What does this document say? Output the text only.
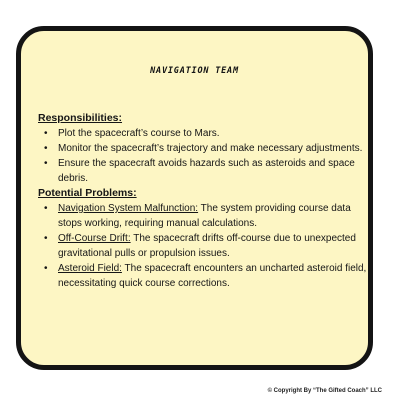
NAVIGATION TEAM

Responsibilities:

• Plot the spacecraft’s course to Mars.
• Monitor the spacecraft’s trajectory and make necessary adjustments.
• Ensure the spacecraft avoids hazards such as asteroids and space debris.

Potential Problems:

• Navigation System Malfunction: The system providing course data stops working, requiring manual calculations.
• Off-Course Drift: The spacecraft drifts off-course due to unexpected gravitational pulls or propulsion issues.
• Asteroid Field: The spacecraft encounters an uncharted asteroid field, necessitating quick course corrections.
© Copyright By “The Gifted Coach” LLC
